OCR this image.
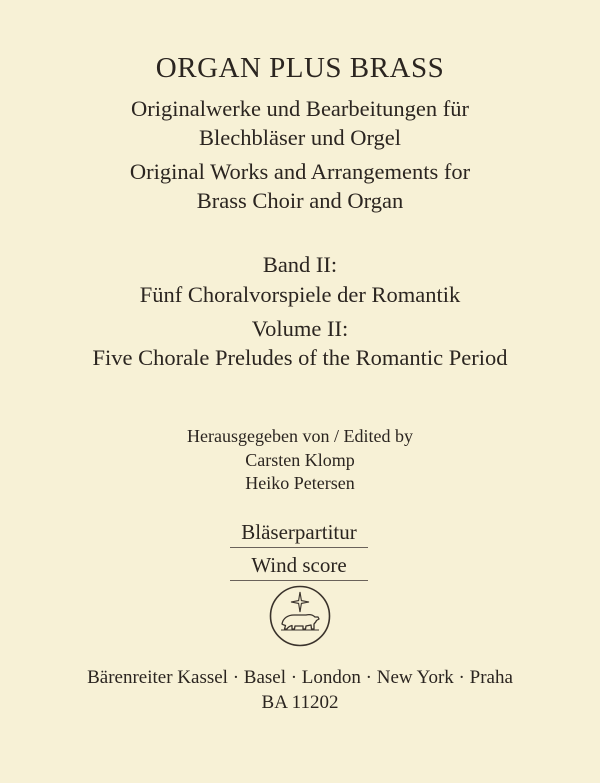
ORGAN PLUS BRASS
Originalwerke und Bearbeitungen für
Blechbläser und Orgel
Original Works and Arrangements for
Brass Choir and Organ
Band II:
Fünf Choralvorspiele der Romantik
Volume II:
Five Chorale Preludes of the Romantic Period
Herausgegeben von / Edited by
Carsten Klomp
Heiko Petersen
Bläserpartitur
Wind score
Bärenreiter Kassel · Basel · London · New York · Praha
BA 11202
